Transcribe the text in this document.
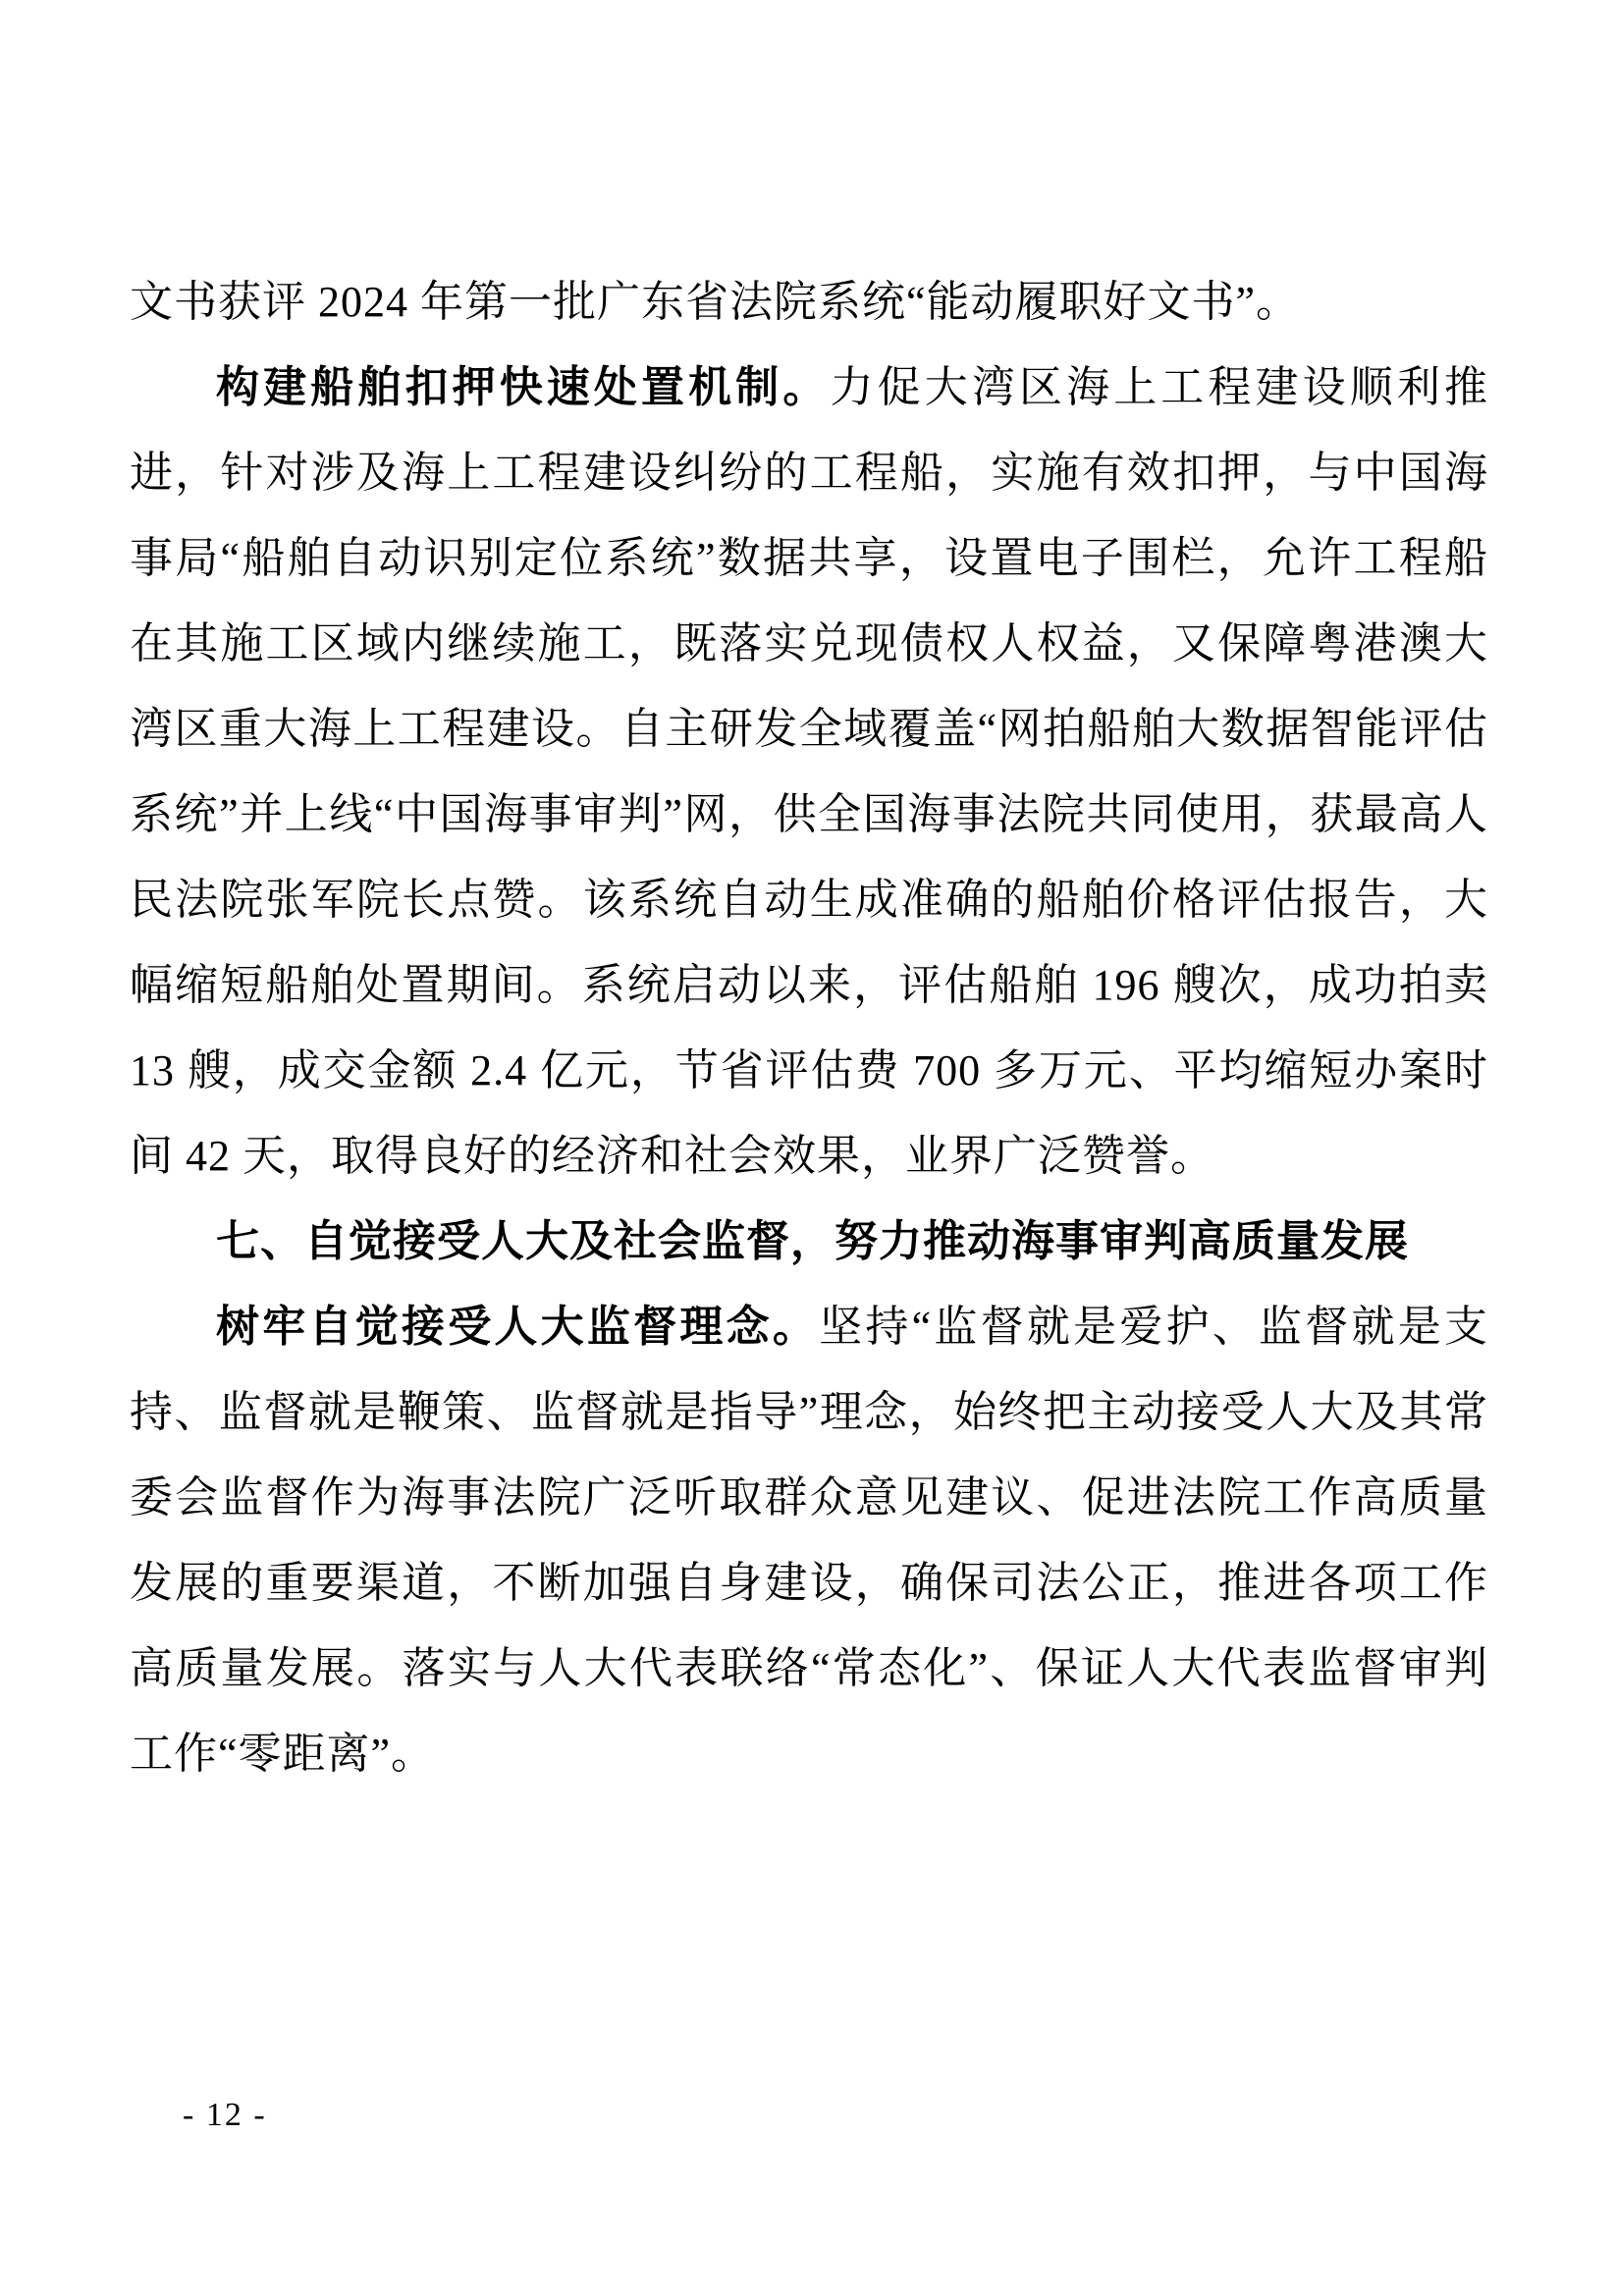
文书获评 2024 年第一批广东省法院系统“能动履职好文书”。

构建船舶扣押快速处置机制。力促大湾区海上工程建设顺利推进，针对涉及海上工程建设纠纷的工程船，实施有效扣押，与中国海事局“船舶自动识别定位系统”数据共享，设置电子围栏，允许工程船在其施工区域内继续施工，既落实兑现债权人权益，又保障粤港澳大湾区重大海上工程建设。自主研发全域覆盖“网拍船舶大数据智能评估系统”并上线“中国海事审判”网，供全国海事法院共同使用，获最高人民法院张军院长点赞。该系统自动生成准确的船舶价格评估报告，大幅缩短船舶处置期间。系统启动以来，评估船舶 196 艘次，成功拍卖 13 艘，成交金额 2.4 亿元，节省评估费 700 多万元、平均缩短办案时间 42 天，取得良好的经济和社会效果，业界广泛赞誉。

七、自觉接受人大及社会监督，努力推动海事审判高质量发展

树牢自觉接受人大监督理念。坚持“监督就是爱护、监督就是支持、监督就是鞭策、监督就是指导”理念，始终把主动接受人大及其常委会监督作为海事法院广泛听取群众意见建议、促进法院工作高质量发展的重要渠道，不断加强自身建设，确保司法公正，推进各项工作高质量发展。落实与人大代表联络“常态化”、保证人大代表监督审判工作“零距离”。

- 12 -
